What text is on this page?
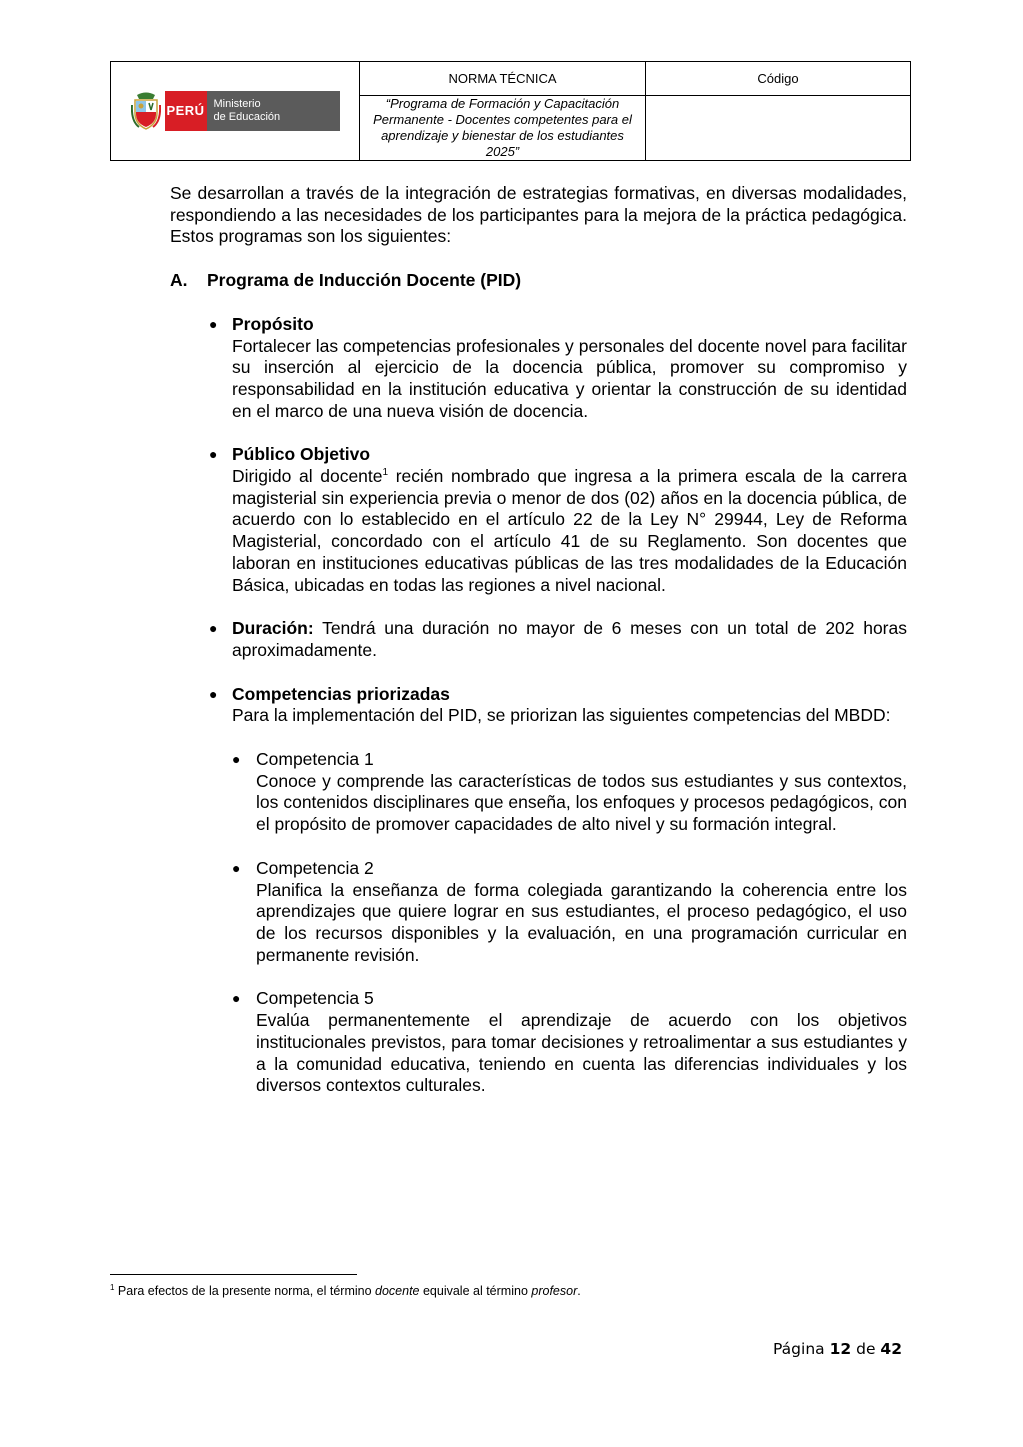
PERÚ Ministerio
de Educación	NORMA TÉCNICA	Código
	“Programa de Formación y Capacitación Permanente - Docentes competentes para el aprendizaje y bienestar de los estudiantes 2025”	

Se desarrollan a través de la integración de estrategias formativas, en diversas modalidades, respondiendo a las necesidades de los participantes para la mejora de la práctica pedagógica. Estos programas son los siguientes:

A.	Programa de Inducción Docente (PID)
● Propósito
Fortalecer las competencias profesionales y personales del docente novel para facilitar su inserción al ejercicio de la docencia pública, promover su compromiso y responsabilidad en la institución educativa y orientar la construcción de su identidad en el marco de una nueva visión de docencia.
● Público Objetivo
Dirigido al docente$^1$ recién nombrado que ingresa a la primera escala de la carrera magisterial sin experiencia previa o menor de dos (02) años en la docencia pública, de acuerdo con lo establecido en el artículo 22 de la Ley N° 29944, Ley de Reforma Magisterial, concordado con el artículo 41 de su Reglamento. Son docentes que laboran en instituciones educativas públicas de las tres modalidades de la Educación Básica, ubicadas en todas las regiones a nivel nacional.
● Duración: Tendrá una duración no mayor de 6 meses con un total de 202 horas aproximadamente.
● Competencias priorizadas
Para la implementación del PID, se priorizan las siguientes competencias del MBDD:
● Competencia 1
Conoce y comprende las características de todos sus estudiantes y sus contextos, los contenidos disciplinares que enseña, los enfoques y procesos pedagógicos, con el propósito de promover capacidades de alto nivel y su formación integral.
● Competencia 2
Planifica la enseñanza de forma colegiada garantizando la coherencia entre los aprendizajes que quiere lograr en sus estudiantes, el proceso pedagógico, el uso de los recursos disponibles y la evaluación, en una programación curricular en permanente revisión.
● Competencia 5
Evalúa permanentemente el aprendizaje de acuerdo con los objetivos institucionales previstos, para tomar decisiones y retroalimentar a sus estudiantes y a la comunidad educativa, teniendo en cuenta las diferencias individuales y los diversos contextos culturales.
$^1$ Para efectos de la presente norma, el término docente equivale al término profesor.
Página 12 de 42
